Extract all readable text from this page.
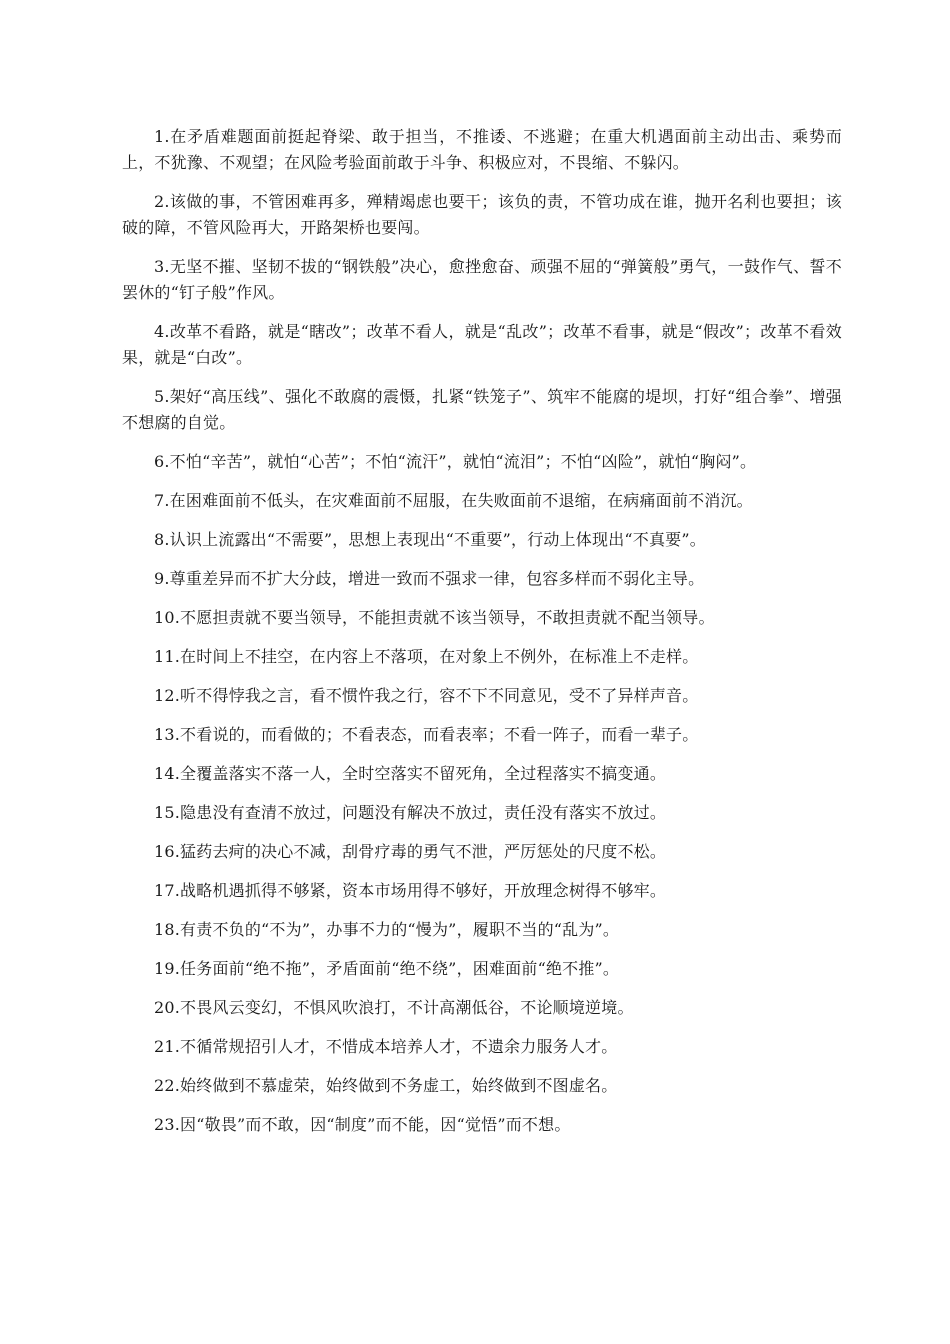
1.在矛盾难题面前挺起脊梁、敢于担当，不推诿、不逃避；在重大机遇面前主动出击、乘势而上，不犹豫、不观望；在风险考验面前敢于斗争、积极应对，不畏缩、不躲闪。

2.该做的事，不管困难再多，殚精竭虑也要干；该负的责，不管功成在谁，抛开名利也要担；该破的障，不管风险再大，开路架桥也要闯。

3.无坚不摧、坚韧不拔的“钢铁般”决心，愈挫愈奋、顽强不屈的“弹簧般”勇气，一鼓作气、誓不罢休的“钉子般”作风。

4.改革不看路，就是“瞎改”；改革不看人，就是“乱改”；改革不看事，就是“假改”；改革不看效果，就是“白改”。

5.架好“高压线”、强化不敢腐的震慑，扎紧“铁笼子”、筑牢不能腐的堤坝，打好“组合拳”、增强不想腐的自觉。

6.不怕“辛苦”，就怕“心苦”；不怕“流汗”，就怕“流泪”；不怕“凶险”，就怕“胸闷”。

7.在困难面前不低头，在灾难面前不屈服，在失败面前不退缩，在病痛面前不消沉。

8.认识上流露出“不需要”，思想上表现出“不重要”，行动上体现出“不真要”。

9.尊重差异而不扩大分歧，增进一致而不强求一律，包容多样而不弱化主导。

10.不愿担责就不要当领导，不能担责就不该当领导，不敢担责就不配当领导。

11.在时间上不挂空，在内容上不落项，在对象上不例外，在标准上不走样。

12.听不得悖我之言，看不惯忤我之行，容不下不同意见，受不了异样声音。

13.不看说的，而看做的；不看表态，而看表率；不看一阵子，而看一辈子。

14.全覆盖落实不落一人，全时空落实不留死角，全过程落实不搞变通。

15.隐患没有查清不放过，问题没有解决不放过，责任没有落实不放过。

16.猛药去疴的决心不减，刮骨疗毒的勇气不泄，严厉惩处的尺度不松。

17.战略机遇抓得不够紧，资本市场用得不够好，开放理念树得不够牢。

18.有责不负的“不为”，办事不力的“慢为”，履职不当的“乱为”。

19.任务面前“绝不拖”，矛盾面前“绝不绕”，困难面前“绝不推”。

20.不畏风云变幻，不惧风吹浪打，不计高潮低谷，不论顺境逆境。

21.不循常规招引人才，不惜成本培养人才，不遗余力服务人才。

22.始终做到不慕虚荣，始终做到不务虚工，始终做到不图虚名。

23.因“敬畏”而不敢，因“制度”而不能，因“觉悟”而不想。
